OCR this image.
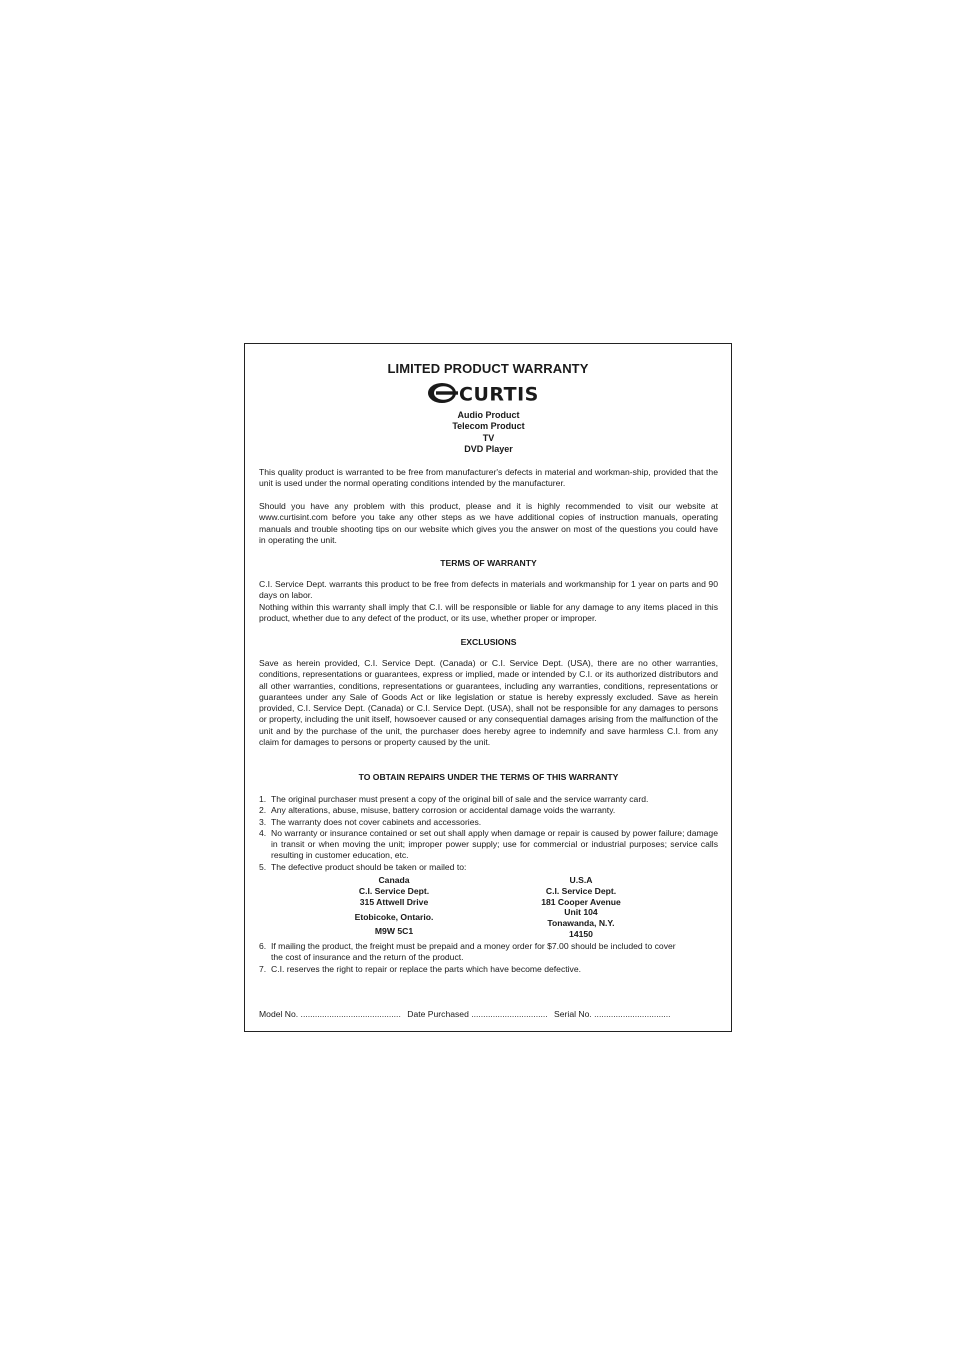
LIMITED PRODUCT WARRANTY
CURTIS
Audio Product
Telecom Product
TV
DVD Player

This quality product is warranted to be free from manufacturer's defects in material and workman-ship, provided that the unit is used under the normal operating conditions intended by the manufacturer.

Should you have any problem with this product, please and it is highly recommended to visit our website at www.curtisint.com before you take any other steps as we have additional copies of instruction manuals, operating manuals and trouble shooting tips on our website which gives you the answer on most of the questions you could have in operating the unit.

TERMS OF WARRANTY

C.I. Service Dept. warrants this product to be free from defects in materials and workmanship for 1 year on parts and 90 days on labor.

Nothing within this warranty shall imply that C.I. will be responsible or liable for any damage to any items placed in this product, whether due to any defect of the product, or its use, whether proper or improper.

EXCLUSIONS

Save as herein provided, C.I. Service Dept. (Canada) or C.I. Service Dept. (USA), there are no other warranties, conditions, representations or guarantees, express or implied, made or intended by C.I. or its authorized distributors and all other warranties, conditions, representations or guarantees, including any warranties, conditions, representations or guarantees under any Sale of Goods Act or like legislation or statue is hereby expressly excluded. Save as herein provided, C.I. Service Dept. (Canada) or C.I. Service Dept. (USA), shall not be responsible for any damages to persons or property, including the unit itself, howsoever caused or any consequential damages arising from the malfunction of the unit and by the purchase of the unit, the purchaser does hereby agree to indemnify and save harmless C.I. from any claim for damages to persons or property caused by the unit.

TO OBTAIN REPAIRS UNDER THE TERMS OF THIS WARRANTY
1. The original purchaser must present a copy of the original bill of sale and the service warranty card.
2. Any alterations, abuse, misuse, battery corrosion or accidental damage voids the warranty.
3. The warranty does not cover cabinets and accessories.
4. No warranty or insurance contained or set out shall apply when damage or repair is caused by power failure; damage in transit or when moving the unit; improper power supply; use for commercial or industrial purposes; service calls resulting in customer education, etc.
5. The defective product should be taken or mailed to:
Canada
C.I. Service Dept.
315 Attwell Drive
Etobicoke, Ontario.
M9W 5C1
U.S.A
C.I. Service Dept.
181 Cooper Avenue
Unit 104
Tonawanda, N.Y.
14150
6. If mailing the product, the freight must be prepaid and a money order for $7.00 should be included to cover the cost of insurance and the return of the product.
7. C.I. reserves the right to repair or replace the parts which have become defective.
Model No. .......................................... Date Purchased ................................ Serial No. ................................
